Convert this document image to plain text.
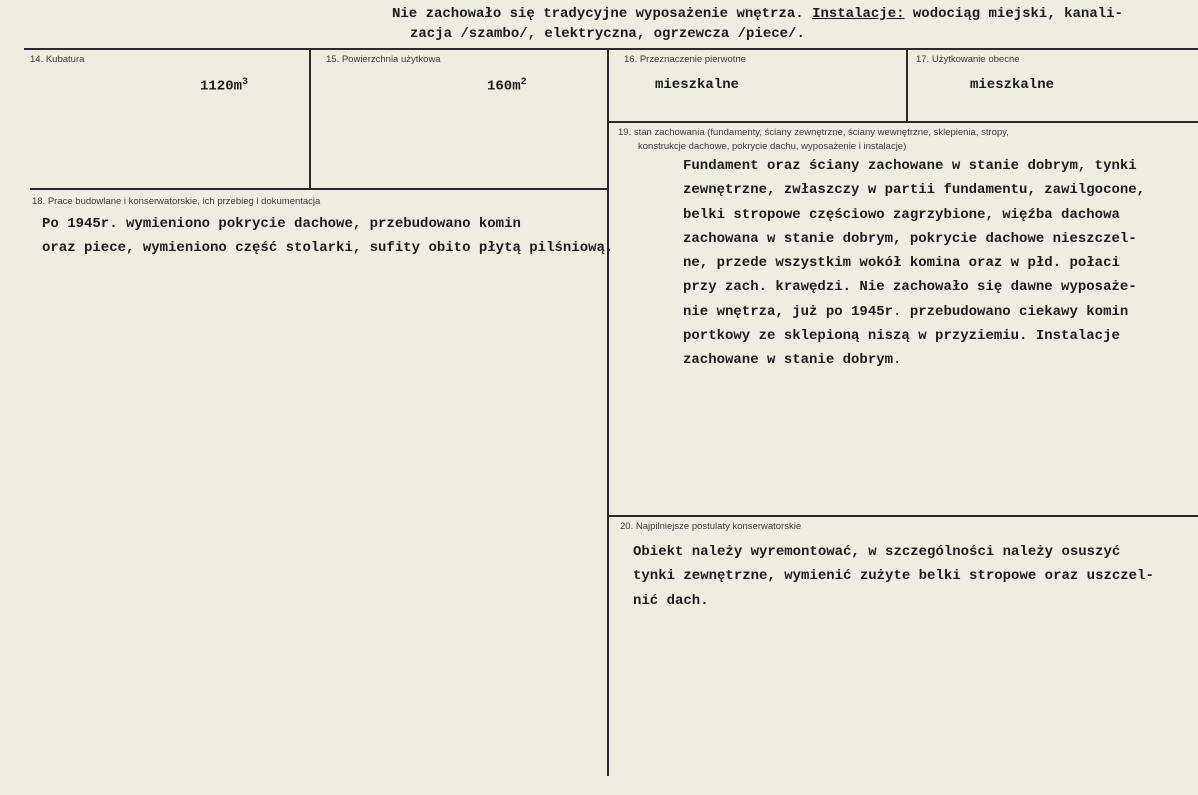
Nie zachowało się tradycyjne wyposażenie wnętrza. Instalacje: wodociąg miejski, kanali-
zacja /szambo/, elektryczna, ogrzewcza /piece/.
14. Kubatura
$1120m^3$
15. Powierzchnia użytkowa
$160m^2$
16. Przeznaczenie pierwotne
mieszkalne
17. Użytkowanie obecne
mieszkalne
18. Prace budowlane i konserwatorskie, ich przebieg i dokumentacja
Po 1945r. wymieniono pokrycie dachowe, przebudowano komin
oraz piece, wymieniono część stolarki, sufity obito płytą pilśniową.
19. stan zachowania (fundamenty, ściany zewnętrzne, ściany wewnętrzne, sklepienia, stropy,
konstrukcje dachowe, pokrycie dachu, wyposażenie i instalacje)
Fundament oraz ściany zachowane w stanie dobrym, tynki
zewnętrzne, zwłaszczy w partii fundamentu, zawilgocone,
belki stropowe częściowo zagrzybione, więźba dachowa
zachowana w stanie dobrym, pokrycie dachowe nieszczel-
ne, przede wszystkim wokół komina oraz w płd. połaci
przy zach. krawędzi. Nie zachowało się dawne wyposaże-
nie wnętrza, już po 1945r. przebudowano ciekawy komin
portkowy ze sklepioną niszą w przyziemiu. Instalacje
zachowane w stanie dobrym.
20. Najpilniejsze postulaty konserwatorskie
Obiekt należy wyremontować, w szczególności należy osuszyć
tynki zewnętrzne, wymienić zużyte belki stropowe oraz uszczel-
nić dach.
